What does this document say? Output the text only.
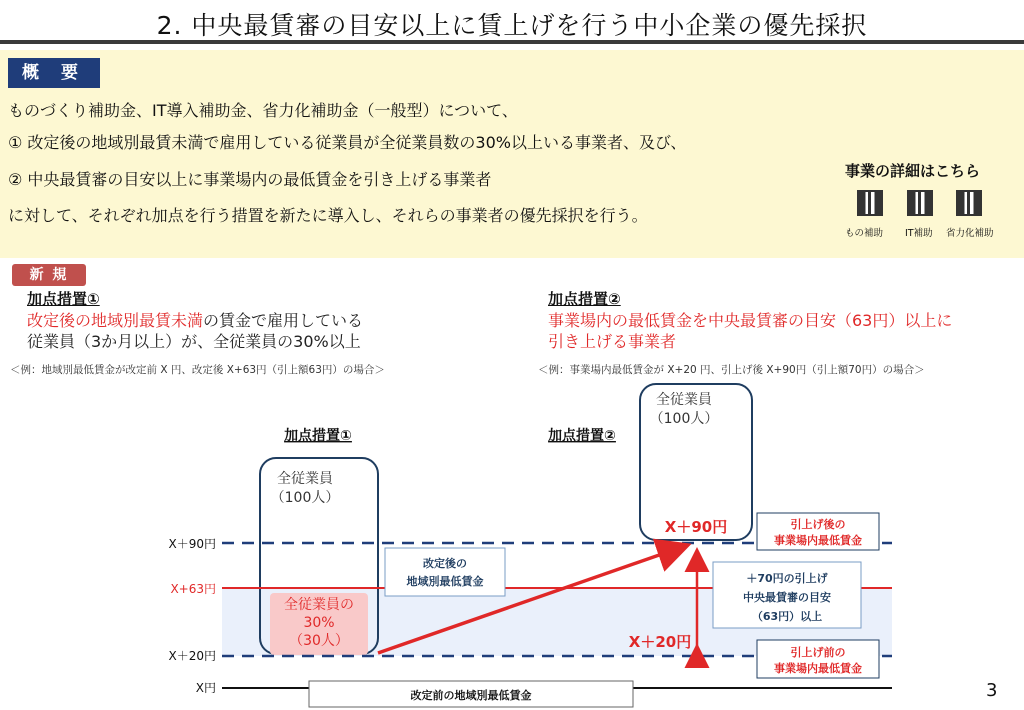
2. 中央最賃審の目安以上に賃上げを行う中小企業の優先採択
概 要
ものづくり補助金、IT導入補助金、省力化補助金（一般型）について、
① 改定後の地域別最賃未満で雇用している従業員が全従業員数の30%以上いる事業者、及び、
② 中央最賃審の目安以上に事業場内の最低賃金を引き上げる事業者
に対して、それぞれ加点を行う措置を新たに導入し、それらの事業者の優先採択を行う。
事業の詳細はこちら
もの補助 IT補助 省力化補助
新 規
加点措置①
改定後の地域別最賃未満の賃金で雇用している
従業員（3か月以上）が、全従業員の30%以上
＜例：地域別最低賃金が改定前 X 円、改定後 X+63円（引上額63円）の場合＞
加点措置②
事業場内の最低賃金を中央最賃審の目安（63円）以上に
引き上げる事業者
＜例：事業場内最低賃金が X+20 円、引上げ後 X+90円（引上額70円）の場合＞
加点措置①	加点措置②
X＋90円
X+63円
X＋20円
X円
全従業員
（100人）
全従業員
（100人）
全従業員の
30%
（30人）
改定後の
地域別最低賃金
改定前の地域別最低賃金
引上げ後の
事業場内最低賃金
引上げ前の
事業場内最低賃金
＋70円の引上げ
中央最賃審の目安
（63円）以上
X＋90円
X＋20円
3
